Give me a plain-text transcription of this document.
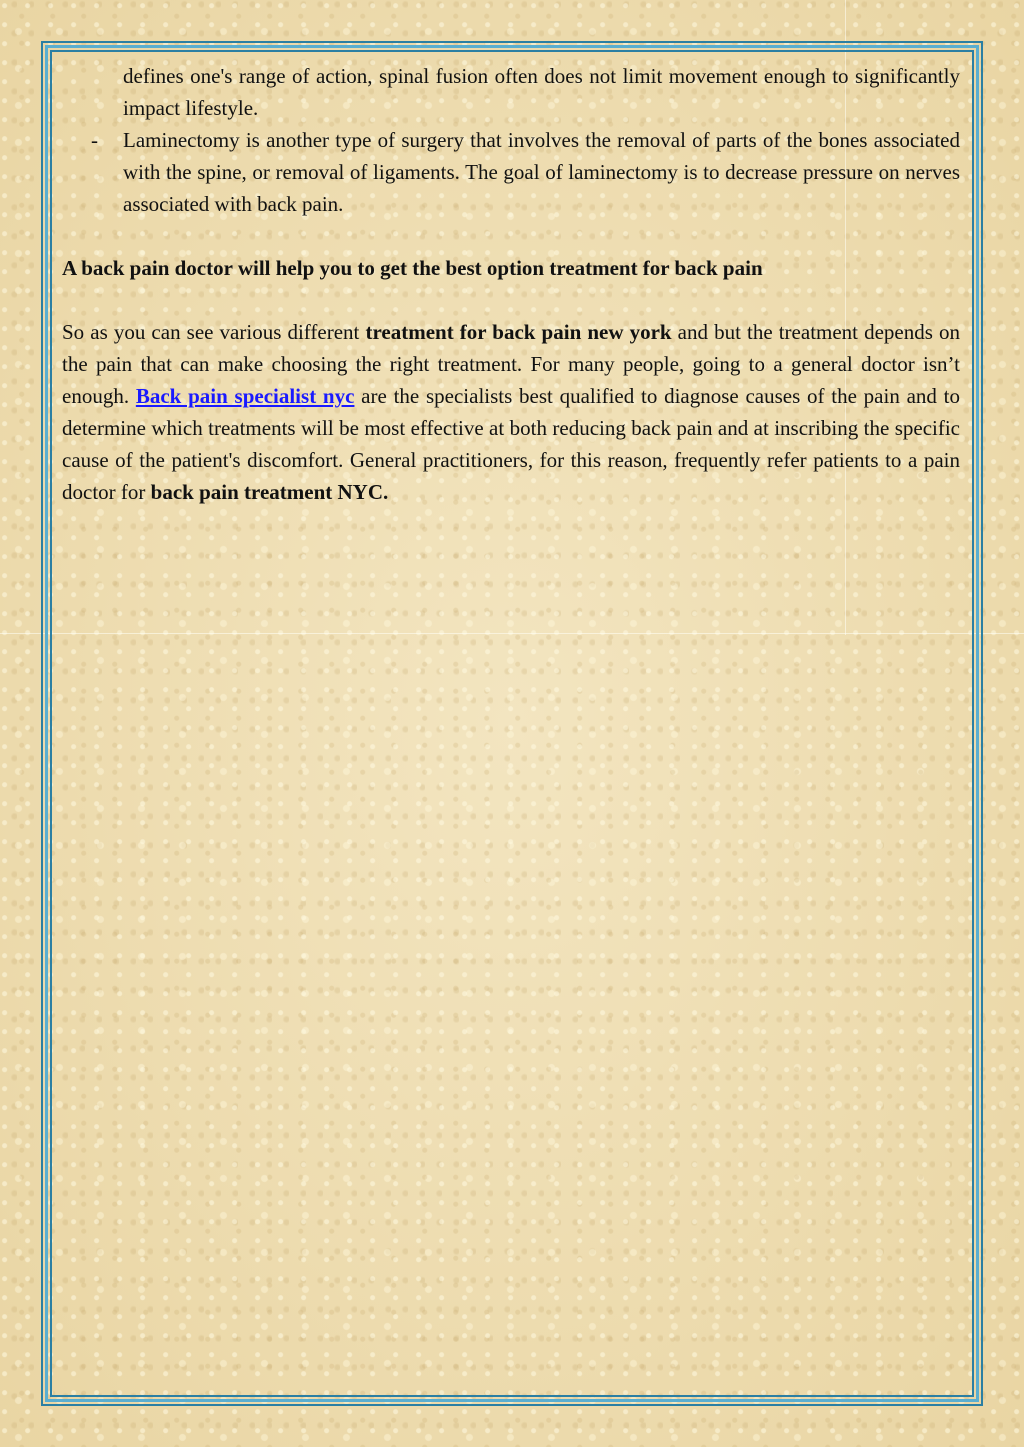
defines one's range of action, spinal fusion often does not limit movement enough to significantly impact lifestyle.
- Laminectomy is another type of surgery that involves the removal of parts of the bones associated with the spine, or removal of ligaments. The goal of laminectomy is to decrease pressure on nerves associated with back pain.

A back pain doctor will help you to get the best option treatment for back pain

So as you can see various different treatment for back pain new york and but the treatment depends on the pain that can make choosing the right treatment. For many people, going to a general doctor isn’t enough. Back pain specialist nyc are the specialists best qualified to diagnose causes of the pain and to determine which treatments will be most effective at both reducing back pain and at inscribing the specific cause of the patient's discomfort. General practitioners, for this reason, frequently refer patients to a pain doctor for back pain treatment NYC.
